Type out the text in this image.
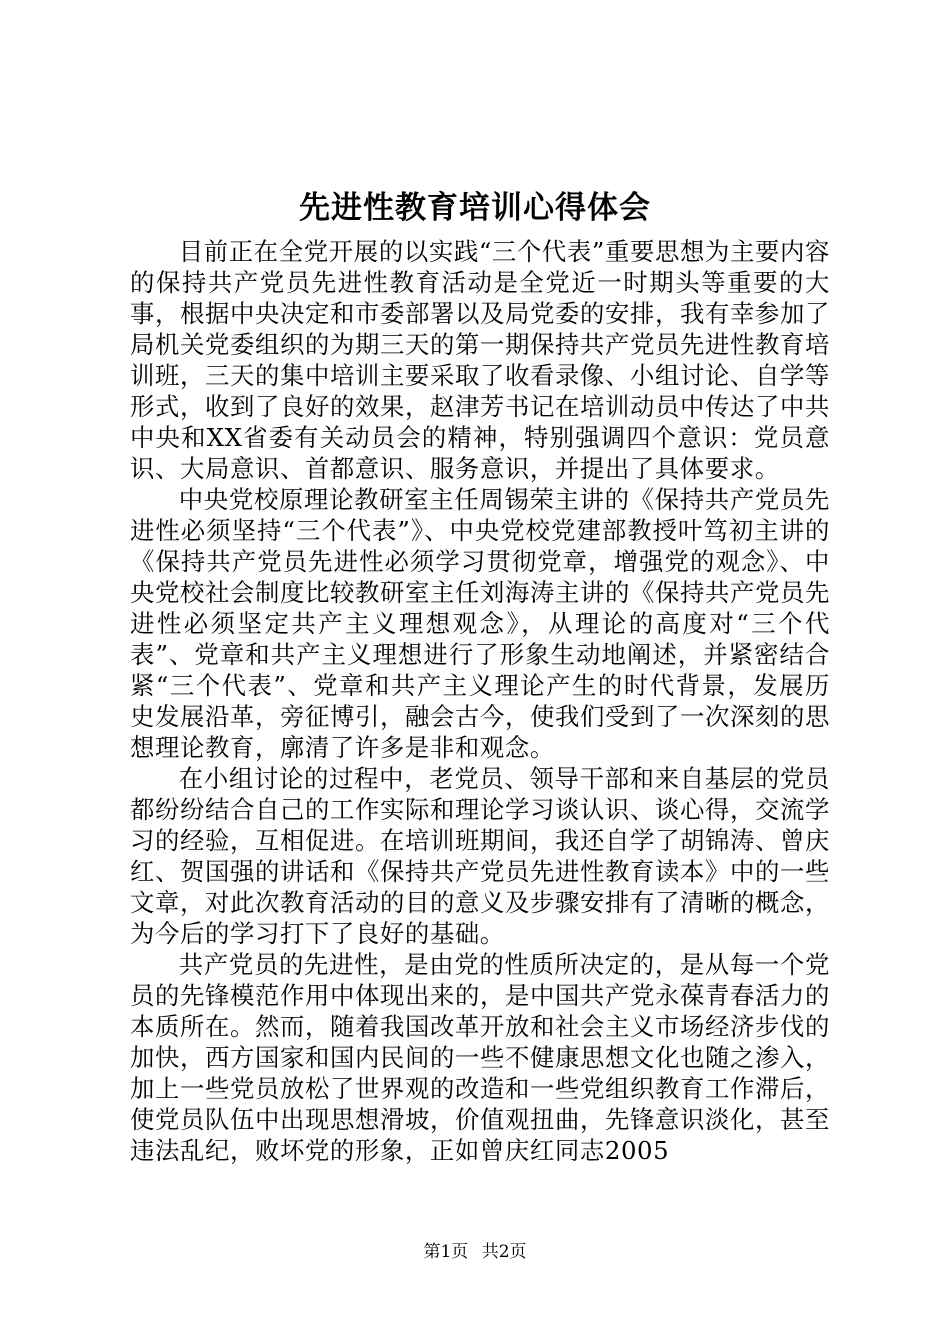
先进性教育培训心得体会

目前正在全党开展的以实践“三个代表”重要思想为主要内容的保持共产党员先进性教育活动是全党近一时期头等重要的大事，根据中央决定和市委部署以及局党委的安排，我有幸参加了局机关党委组织的为期三天的第一期保持共产党员先进性教育培训班，三天的集中培训主要采取了收看录像、小组讨论、自学等形式，收到了良好的效果，赵津芳书记在培训动员中传达了中共中央和XX省委有关动员会的精神，特别强调四个意识：党员意识、大局意识、首都意识、服务意识，并提出了具体要求。

中央党校原理论教研室主任周锡荣主讲的《保持共产党员先进性必须坚持“三个代表”》、中央党校党建部教授叶笃初主讲的《保持共产党员先进性必须学习贯彻党章，增强党的观念》、中央党校社会制度比较教研室主任刘海涛主讲的《保持共产党员先进性必须坚定共产主义理想观念》，从理论的高度对“三个代表”、党章和共产主义理想进行了形象生动地阐述，并紧密结合紧“三个代表”、党章和共产主义理论产生的时代背景，发展历史发展沿革，旁征博引，融会古今，使我们受到了一次深刻的思想理论教育，廓清了许多是非和观念。

在小组讨论的过程中，老党员、领导干部和来自基层的党员都纷纷结合自己的工作实际和理论学习谈认识、谈心得，交流学习的经验，互相促进。在培训班期间，我还自学了胡锦涛、曾庆红、贺国强的讲话和《保持共产党员先进性教育读本》中的一些文章，对此次教育活动的目的意义及步骤安排有了清晰的概念，为今后的学习打下了良好的基础。

共产党员的先进性，是由党的性质所决定的，是从每一个党员的先锋模范作用中体现出来的，是中国共产党永葆青春活力的本质所在。然而，随着我国改革开放和社会主义市场经济步伐的加快，西方国家和国内民间的一些不健康思想文化也随之渗入，加上一些党员放松了世界观的改造和一些党组织教育工作滞后，使党员队伍中出现思想滑坡，价值观扭曲，先锋意识淡化，甚至违法乱纪，败坏党的形象，正如曾庆红同志2005

第1页 共2页
